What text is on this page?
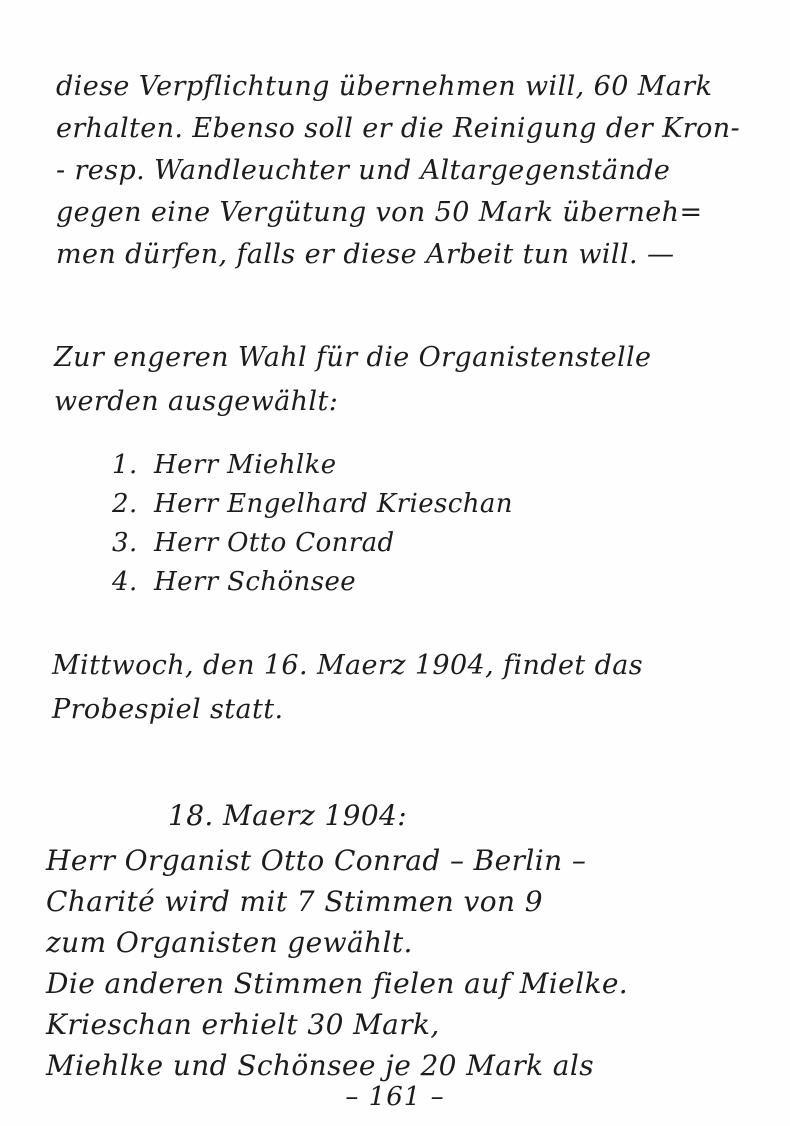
diese Verpflichtung übernehmen will, 60 Mark
erhalten. Ebenso soll er die Reinigung der Kron-
- resp. Wandleuchter und Altargegenstände
gegen eine Vergütung von 50 Mark überneh=
men dürfen, falls er diese Arbeit tun will. —
Zur engeren Wahl für die Organistenstelle
werden ausgewählt:
1. Herr Miehlke
2. Herr Engelhard Krieschan
3. Herr Otto Conrad
4. Herr Schönsee
Mittwoch, den 16. Maerz 1904, findet das
Probespiel statt.
18. Maerz 1904:
Herr Organist Otto Conrad – Berlin –
Charité wird mit 7 Stimmen von 9
zum Organisten gewählt.
Die anderen Stimmen fielen auf Mielke.
Krieschan erhielt 30 Mark,
Miehlke und Schönsee je 20 Mark als
– 161 –
